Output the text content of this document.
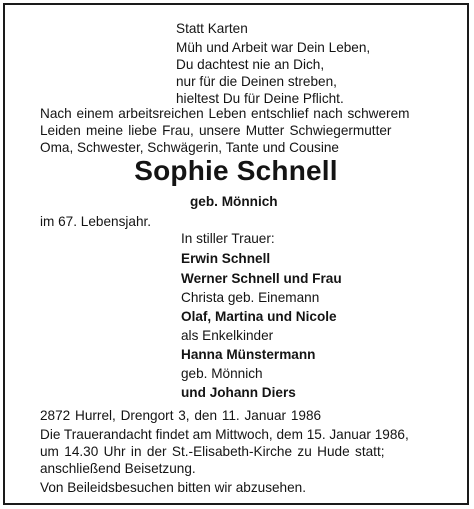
Statt Karten
Müh und Arbeit war Dein Leben,
Du dachtest nie an Dich,
nur für die Deinen streben,
hieltest Du für Deine Pflicht.
Nach einem arbeitsreichen Leben entschlief nach schwerem
Leiden meine liebe Frau, unsere Mutter Schwiegermutter
Oma, Schwester, Schwägerin, Tante und Cousine
Sophie Schnell
geb. Mönnich
im 67. Lebensjahr.
In stiller Trauer:
Erwin Schnell
Werner Schnell und Frau
Christa geb. Einemann
Olaf, Martina und Nicole
als Enkelkinder
Hanna Münstermann
geb. Mönnich
und Johann Diers
2872 Hurrel, Drengort 3, den 11. Januar 1986
Die Trauerandacht findet am Mittwoch, dem 15. Januar 1986,
um 14.30 Uhr in der St.-Elisabeth-Kirche zu Hude statt;
anschließend Beisetzung.
Von Beileidsbesuchen bitten wir abzusehen.
